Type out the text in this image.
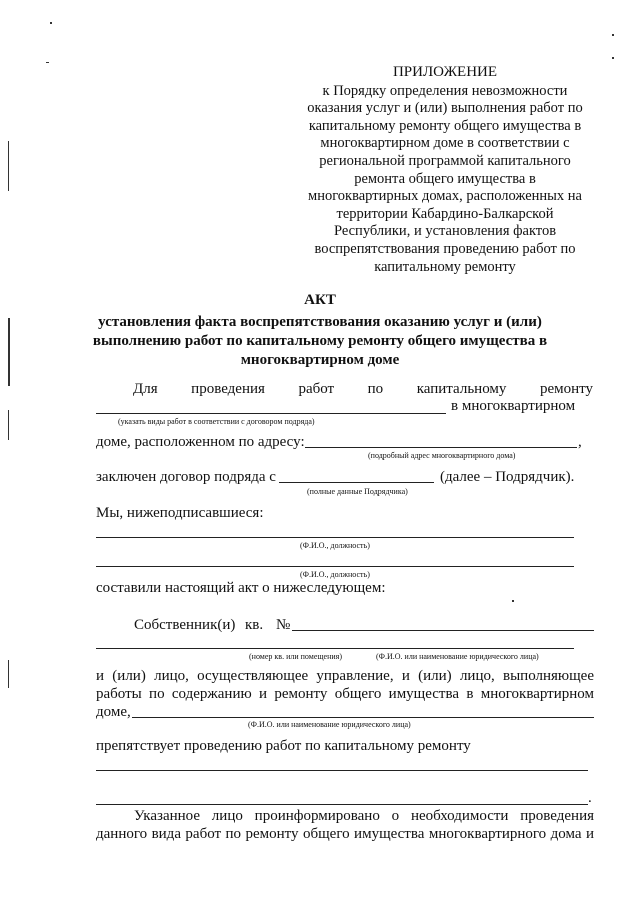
ПРИЛОЖЕНИЕ
к Порядку определения невозможности
оказания услуг и (или) выполнения работ по
капитальному ремонту общего имущества в
многоквартирном доме в соответствии с
региональной программой капитального
ремонта общего имущества в
многоквартирных домах, расположенных на
территории Кабардино-Балкарской
Республики, и установления фактов
воспрепятствования проведению работ по
капитальному ремонту
АКТ
установления факта воспрепятствования оказанию услуг и (или)
выполнению работ по капитальному ремонту общего имущества в
многоквартирном доме
Для проведения работ по капитальному ремонту
в многоквартирном
(указать виды работ в соответствии с договором подряда)
доме, расположенном по адресу:	,
(подробный адрес многоквартирного дома)
заключен договор подряда с	(далее – Подрядчик).
(полные данные Подрядчика)
Мы, нижеподписавшиеся:
(Ф.И.О., должность)
(Ф.И.О., должность)
составили настоящий акт о нижеследующем:
Собственник(и) кв. №
(номер кв. или помещения)	(Ф.И.О. или наименование юридического лица)
и (или) лицо, осуществляющее управление, и (или) лицо, выполняющее
работы по содержанию и ремонту общего имущества в многоквартирном
доме,
(Ф.И.О. или наименование юридического лица)
препятствует проведению работ по капитальному ремонту
.
Указанное лицо проинформировано о необходимости проведения
данного вида работ по ремонту общего имущества многоквартирного дома и
